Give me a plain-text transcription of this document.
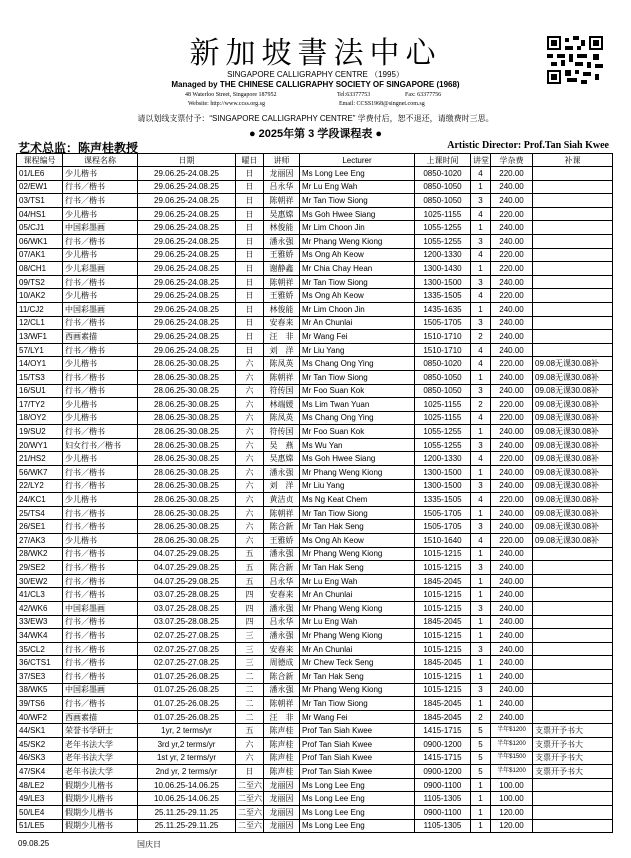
新加坡書法中心
SINGAPORE CALLIGRAPHY CENTRE （1995）
Managed by THE CHINESE CALLIGRAPHY SOCIETY OF SINGAPORE (1968)
48 Waterloo Street, Singapore 187952	Tel:63377753	Fax: 63377756
Website: http://www.ccss.org.sg	Email: CCSS1968@singnet.com.sg
请以划线支票付予：“SINGAPORE CALLIGRAPHY CENTRE” 学费付后，恕不退还，请缴费时三思。
● 2025年第 3 学段课程表 ●
艺术总监：陈声桂教授	Artistic Director: Prof.Tan Siah Kwee
课程编号	课程名称	日期	曜日	讲师	Lecturer	上课时间	讲堂	学杂费	补课
01/LE6	少儿楷书	29.06.25-24.08.25	日	龙丽因	Ms Long Lee Eng	0850-1020	4	220.00	
02/EW1	行书／楷书	29.06.25-24.08.25	日	吕永华	Mr Lu Eng Wah	0850-1050	1	240.00	
03/TS1	行书／楷书	29.06.25-24.08.25	日	陈朝祥	Mr Tan Tiow Siong	0850-1050	3	240.00	
04/HS1	少儿楷书	29.06.25-24.08.25	日	吴惠嫦	Ms Goh Hwee Siang	1025-1155	4	220.00	
05/CJ1	中国彩墨画	29.06.25-24.08.25	日	林俊能	Mr Lim Choon Jin	1055-1255	1	240.00	
06/WK1	行书／楷书	29.06.25-24.08.25	日	潘永强	Mr Phang Weng Kiong	1055-1255	3	240.00	
07/AK1	少儿楷书	29.06.25-24.08.25	日	王雅娇	Ms Ong Ah Keow	1200-1330	4	220.00	
08/CH1	少儿彩墨画	29.06.25-24.08.25	日	谢静鑫	Mr Chia Chay Hean	1300-1430	1	220.00	
09/TS2	行书／楷书	29.06.25-24.08.25	日	陈朝祥	Mr Tan Tiow Siong	1300-1500	3	240.00	
10/AK2	少儿楷书	29.06.25-24.08.25	日	王雅娇	Ms Ong Ah Keow	1335-1505	4	220.00	
11/CJ2	中国彩墨画	29.06.25-24.08.25	日	林俊能	Mr Lim Choon Jin	1435-1635	1	240.00	
12/CL1	行书／楷书	29.06.25-24.08.25	日	安春来	Mr An Chunlai	1505-1705	3	240.00	
13/WF1	西画素描	29.06.25-24.08.25	日	汪　非	Mr Wang Fei	1510-1710	2	240.00	
57/LY1	行书／楷书	29.06.25-24.08.25	日	刘　洋	Mr Liu Yang	1510-1710	4	240.00	
14/OY1	少儿楷书	28.06.25-30.08.25	六	陈凤英	Ms Chang Ong Ying	0850-1020	4	220.00	09.08无课30.08补
15/TS3	行书／楷书	28.06.25-30.08.25	六	陈朝祥	Mr Tan Tiow Siong	0850-1050	1	240.00	09.08无课30.08补
16/SU1	行书／楷书	28.06.25-30.08.25	六	符传国	Mr Foo Suan Kok	0850-1050	3	240.00	09.08无课30.08补
17/TY2	少儿楷书	28.06.25-30.08.25	六	林端媛	Ms Lim Twan Yuan	1025-1155	2	220.00	09.08无课30.08补
18/OY2	少儿楷书	28.06.25-30.08.25	六	陈凤英	Ms Chang Ong Ying	1025-1155	4	220.00	09.08无课30.08补
19/SU2	行书／楷书	28.06.25-30.08.25	六	符传国	Mr Foo Suan Kok	1055-1255	1	240.00	09.08无课30.08补
20/WY1	妇女行书／楷书	28.06.25-30.08.25	六	吴　燕	Ms Wu Yan	1055-1255	3	240.00	09.08无课30.08补
21/HS2	少儿楷书	28.06.25-30.08.25	六	吴惠嫦	Ms Goh Hwee Siang	1200-1330	4	220.00	09.08无课30.08补
56/WK7	行书／楷书	28.06.25-30.08.25	六	潘永强	Mr Phang Weng Kiong	1300-1500	1	240.00	09.08无课30.08补
22/LY2	行书／楷书	28.06.25-30.08.25	六	刘　洋	Mr Liu Yang	1300-1500	3	240.00	09.08无课30.08补
24/KC1	少儿楷书	28.06.25-30.08.25	六	黄洁贞	Ms Ng Keat Chem	1335-1505	4	220.00	09.08无课30.08补
25/TS4	行书／楷书	28.06.25-30.08.25	六	陈朝祥	Mr Tan Tiow Siong	1505-1705	1	240.00	09.08无课30.08补
26/SE1	行书／楷书	28.06.25-30.08.25	六	陈合新	Mr Tan Hak Seng	1505-1705	3	240.00	09.08无课30.08补
27/AK3	少儿楷书	28.06.25-30.08.25	六	王雅娇	Ms Ong Ah Keow	1510-1640	4	220.00	09.08无课30.08补
28/WK2	行书／楷书	04.07.25-29.08.25	五	潘永强	Mr Phang Weng Kiong	1015-1215	1	240.00	
29/SE2	行书／楷书	04.07.25-29.08.25	五	陈合新	Mr Tan Hak Seng	1015-1215	3	240.00	
30/EW2	行书／楷书	04.07.25-29.08.25	五	吕永华	Mr Lu Eng Wah	1845-2045	1	240.00	
41/CL3	行书／楷书	03.07.25-28.08.25	四	安春来	Mr An Chunlai	1015-1215	1	240.00	
42/WK6	中国彩墨画	03.07.25-28.08.25	四	潘永强	Mr Phang Weng Kiong	1015-1215	3	240.00	
33/EW3	行书／楷书	03.07.25-28.08.25	四	吕永华	Mr Lu Eng Wah	1845-2045	1	240.00	
34/WK4	行书／楷书	02.07.25-27.08.25	三	潘永强	Mr Phang Weng Kiong	1015-1215	1	240.00	
35/CL2	行书／楷书	02.07.25-27.08.25	三	安春来	Mr An Chunlai	1015-1215	3	240.00	
36/CTS1	行书／楷书	02.07.25-27.08.25	三	周德成	Mr Chew Teck Seng	1845-2045	1	240.00	
37/SE3	行书／楷书	01.07.25-26.08.25	二	陈合新	Mr Tan Hak Seng	1015-1215	1	240.00	
38/WK5	中国彩墨画	01.07.25-26.08.25	二	潘永强	Mr Phang Weng Kiong	1015-1215	3	240.00	
39/TS6	行书／楷书	01.07.25-26.08.25	二	陈朝祥	Mr Tan Tiow Siong	1845-2045	1	240.00	
40/WF2	西画素描	01.07.25-26.08.25	二	汪　非	Mr Wang Fei	1845-2045	2	240.00	
44/SK1	荣誉书学研士	1yr, 2 terms/yr	五	陈声桂	Prof Tan Siah Kwee	1415-1715	5	半年$1200	支票开予书大
45/SK2	老年书法大学	3rd yr,2 terms/yr	六	陈声桂	Prof Tan Siah Kwee	0900-1200	5	半年$1200	支票开予书大
46/SK3	老年书法大学	1st yr, 2 terms/yr	六	陈声桂	Prof Tan Siah Kwee	1415-1715	5	半年$1500	支票开予书大
47/SK4	老年书法大学	2nd yr, 2 terms/yr	日	陈声桂	Prof Tan Siah Kwee	0900-1200	5	半年$1200	支票开予书大
48/LE2	假期少儿楷书	10.06.25-14.06.25	二至六	龙丽因	Ms Long Lee Eng	0900-1100	1	100.00	
49/LE3	假期少儿楷书	10.06.25-14.06.25	二至六	龙丽因	Ms Long Lee Eng	1105-1305	1	100.00	
50/LE4	假期少儿楷书	25.11.25-29.11.25	二至六	龙丽因	Ms Long Lee Eng	0900-1100	1	120.00	
51/LE5	假期少儿楷书	25.11.25-29.11.25	二至六	龙丽因	Ms Long Lee Eng	1105-1305	1	120.00	
09.08.25	国庆日
